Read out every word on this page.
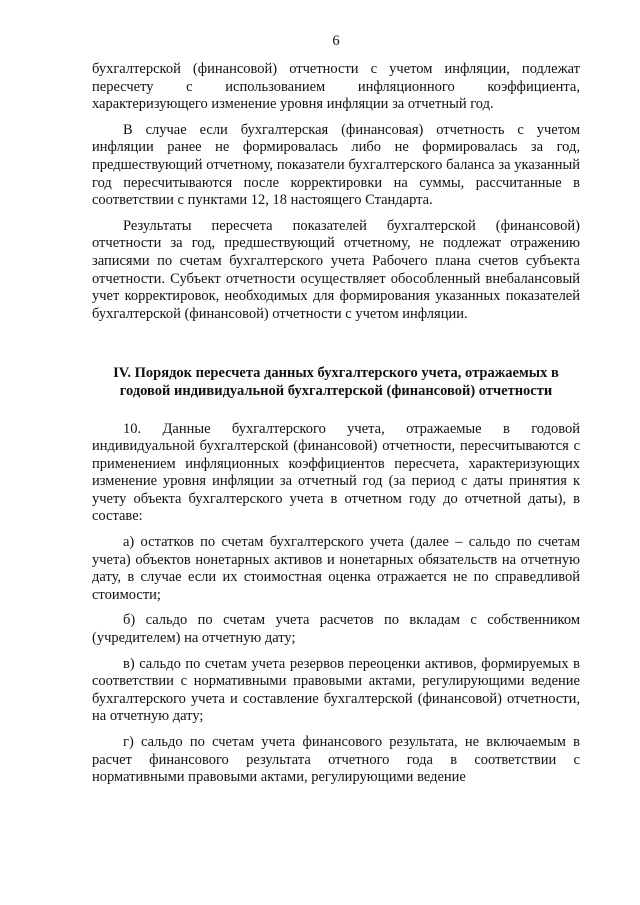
6

бухгалтерской (финансовой) отчетности с учетом инфляции, подлежат пересчету с использованием инфляционного коэффициента, характеризующего изменение уровня инфляции за отчетный год.

В случае если бухгалтерская (финансовая) отчетность с учетом инфляции ранее не формировалась либо не формировалась за год, предшествующий отчетному, показатели бухгалтерского баланса за указанный год пересчитываются после корректировки на суммы, рассчитанные в соответствии с пунктами 12, 18 настоящего Стандарта.

Результаты пересчета показателей бухгалтерской (финансовой) отчетности за год, предшествующий отчетному, не подлежат отражению записями по счетам бухгалтерского учета Рабочего плана счетов субъекта отчетности. Субъект отчетности осуществляет обособленный внебалансовый учет корректировок, необходимых для формирования указанных показателей бухгалтерской (финансовой) отчетности с учетом инфляции.

IV. Порядок пересчета данных бухгалтерского учета, отражаемых в годовой индивидуальной бухгалтерской (финансовой) отчетности

10. Данные бухгалтерского учета, отражаемые в годовой индивидуальной бухгалтерской (финансовой) отчетности, пересчитываются с применением инфляционных коэффициентов пересчета, характеризующих изменение уровня инфляции за отчетный год (за период с даты принятия к учету объекта бухгалтерского учета в отчетном году до отчетной даты), в составе:

а) остатков по счетам бухгалтерского учета (далее – сальдо по счетам учета) объектов нонетарных активов и нонетарных обязательств на отчетную дату, в случае если их стоимостная оценка отражается не по справедливой стоимости;

б) сальдо по счетам учета расчетов по вкладам с собственником (учредителем) на отчетную дату;

в) сальдо по счетам учета резервов переоценки активов, формируемых в соответствии с нормативными правовыми актами, регулирующими ведение бухгалтерского учета и составление бухгалтерской (финансовой) отчетности, на отчетную дату;

г) сальдо по счетам учета финансового результата, не включаемым в расчет финансового результата отчетного года в соответствии с нормативными правовыми актами, регулирующими ведение
